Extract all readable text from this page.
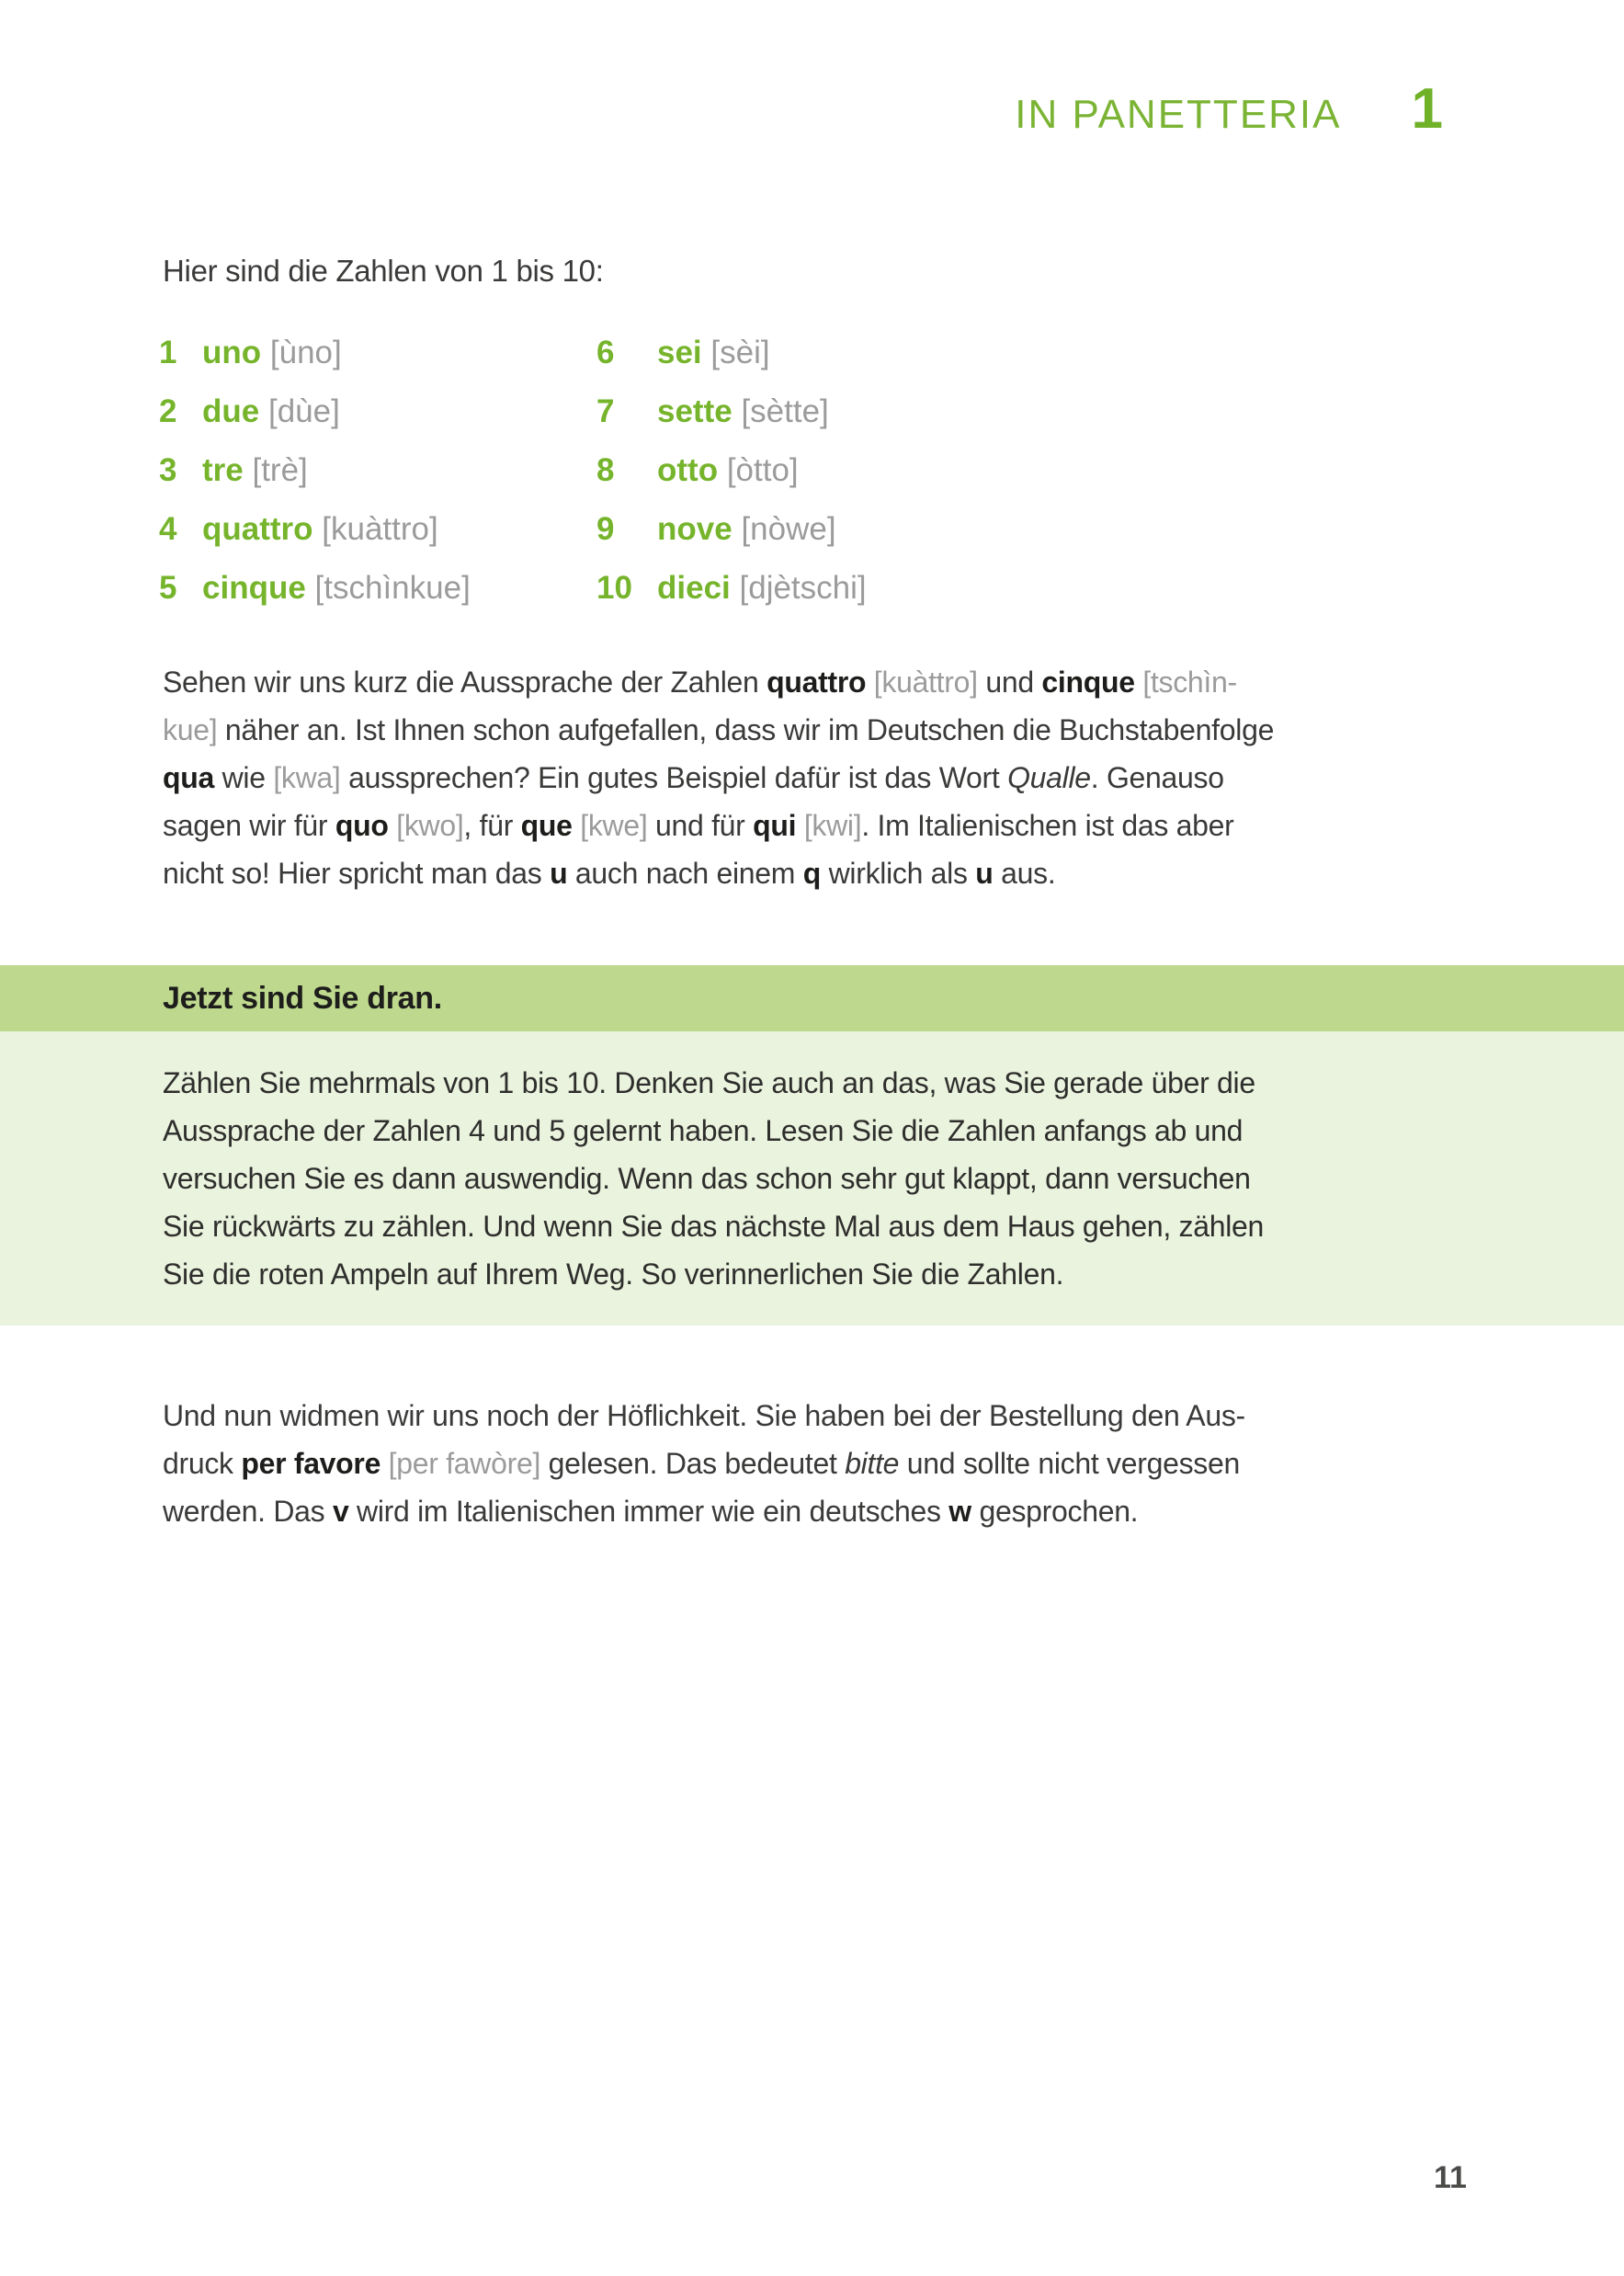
IN PANETTERIA 1

Hier sind die Zahlen von 1 bis 10:

1 uno [ùno]
2 due [dùe]
3 tre [trè]
4 quattro [kuàttro]
5 cinque [tschìnkue]
6 sei [sèi]
7 sette [sètte]
8 otto [òtto]
9 nove [nòwe]
10 dieci [djètschi]

Sehen wir uns kurz die Aussprache der Zahlen quattro [kuàttro] und cinque [tschìn-
kue] näher an. Ist Ihnen schon aufgefallen, dass wir im Deutschen die Buchstabenfolge
qua wie [kwa] aussprechen? Ein gutes Beispiel dafür ist das Wort Qualle. Genauso
sagen wir für quo [kwo], für que [kwe] und für qui [kwi]. Im Italienischen ist das aber
nicht so! Hier spricht man das u auch nach einem q wirklich als u aus.

Jetzt sind Sie dran.
Zählen Sie mehrmals von 1 bis 10. Denken Sie auch an das, was Sie gerade über die
Aussprache der Zahlen 4 und 5 gelernt haben. Lesen Sie die Zahlen anfangs ab und
versuchen Sie es dann auswendig. Wenn das schon sehr gut klappt, dann versuchen
Sie rückwärts zu zählen. Und wenn Sie das nächste Mal aus dem Haus gehen, zählen
Sie die roten Ampeln auf Ihrem Weg. So verinnerlichen Sie die Zahlen.

Und nun widmen wir uns noch der Höflichkeit. Sie haben bei der Bestellung den Aus-
druck per favore [per fawòre] gelesen. Das bedeutet bitte und sollte nicht vergessen
werden. Das v wird im Italienischen immer wie ein deutsches w gesprochen.

11
